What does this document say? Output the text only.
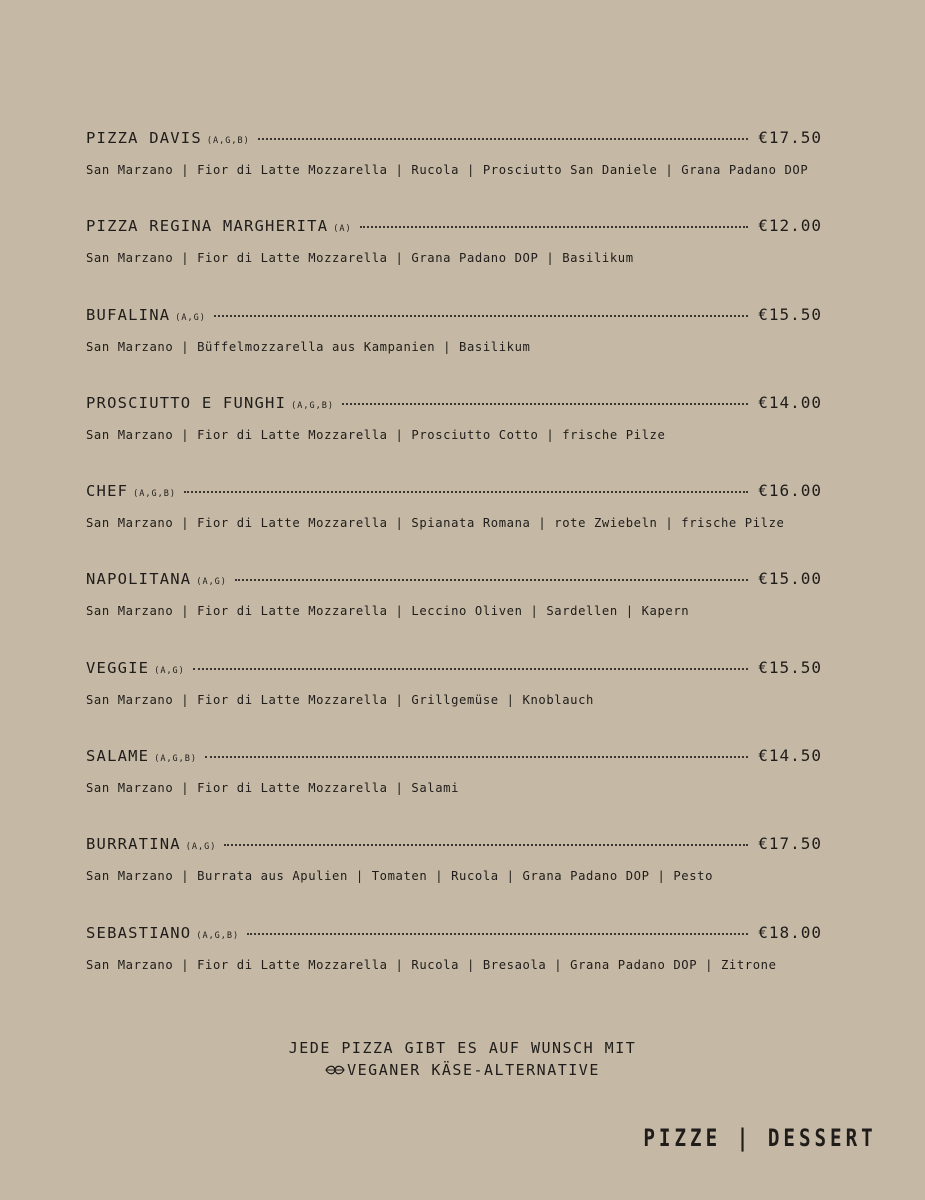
PIZZA DAVIS (A,G,B)	€17.50
San Marzano | Fior di Latte Mozzarella | Rucola | Prosciutto San Daniele | Grana Padano DOP
PIZZA REGINA MARGHERITA (A)	€12.00
San Marzano | Fior di Latte Mozzarella | Grana Padano DOP | Basilikum
BUFALINA (A,G)	€15.50
San Marzano | Büffelmozzarella aus Kampanien | Basilikum
PROSCIUTTO E FUNGHI (A,G,B)	€14.00
San Marzano | Fior di Latte Mozzarella | Prosciutto Cotto | frische Pilze
CHEF (A,G,B)	€16.00
San Marzano | Fior di Latte Mozzarella | Spianata Romana | rote Zwiebeln | frische Pilze
NAPOLITANA (A,G)	€15.00
San Marzano | Fior di Latte Mozzarella | Leccino Oliven | Sardellen | Kapern
VEGGIE (A,G)	€15.50
San Marzano | Fior di Latte Mozzarella | Grillgemüse | Knoblauch
SALAME (A,G,B)	€14.50
San Marzano | Fior di Latte Mozzarella | Salami
BURRATINA (A,G)	€17.50
San Marzano | Burrata aus Apulien | Tomaten | Rucola | Grana Padano DOP | Pesto
SEBASTIANO (A,G,B)	€18.00
San Marzano | Fior di Latte Mozzarella | Rucola | Bresaola | Grana Padano DOP | Zitrone
JEDE PIZZA GIBT ES AUF WUNSCH MIT
VEGANER KÄSE-ALTERNATIVE
PIZZE | DESSERT
